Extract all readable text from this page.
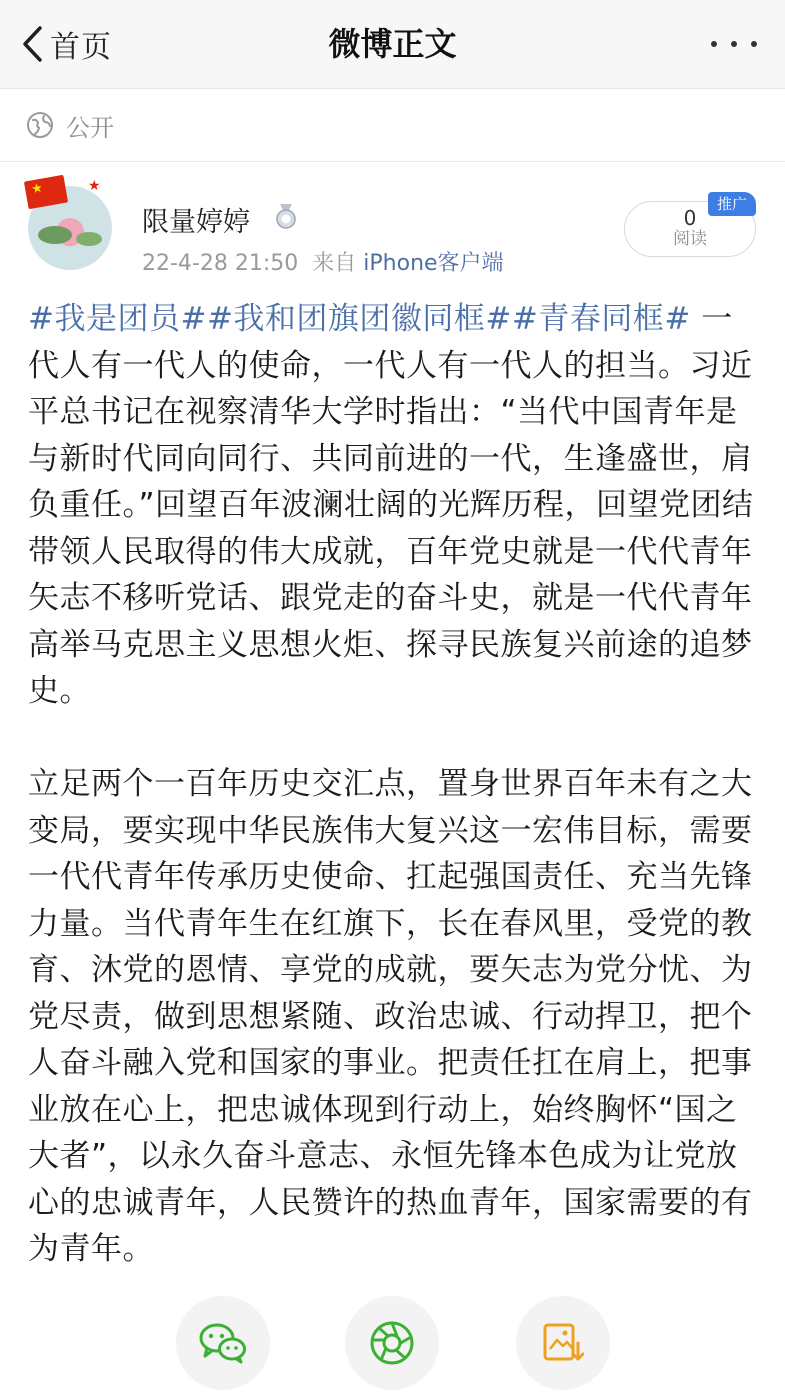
首页	微博正文
公开
★	★
限量婷婷
22-4-28 21:50 来自 iPhone客户端
0
阅读
推广

#我是团员##我和团旗团徽同框##青春同框# 一代人有一代人的使命，一代人有一代人的担当。习近平总书记在视察清华大学时指出：“当代中国青年是与新时代同向同行、共同前进的一代，生逢盛世，肩负重任。”回望百年波澜壮阔的光辉历程，回望党团结带领人民取得的伟大成就，百年党史就是一代代青年矢志不移听党话、跟党走的奋斗史，就是一代代青年高举马克思主义思想火炬、探寻民族复兴前途的追梦史。

立足两个一百年历史交汇点，置身世界百年未有之大变局，要实现中华民族伟大复兴这一宏伟目标，需要一代代青年传承历史使命、扛起强国责任、充当先锋力量。当代青年生在红旗下，长在春风里，受党的教育、沐党的恩情、享党的成就，要矢志为党分忧、为党尽责，做到思想紧随、政治忠诚、行动捍卫，把个人奋斗融入党和国家的事业。把责任扛在肩上，把事业放在心上，把忠诚体现到行动上，始终胸怀“国之大者”，以永久奋斗意志、永恒先锋本色成为让党放心的忠诚青年，人民赞许的热血青年，国家需要的有为青年。
